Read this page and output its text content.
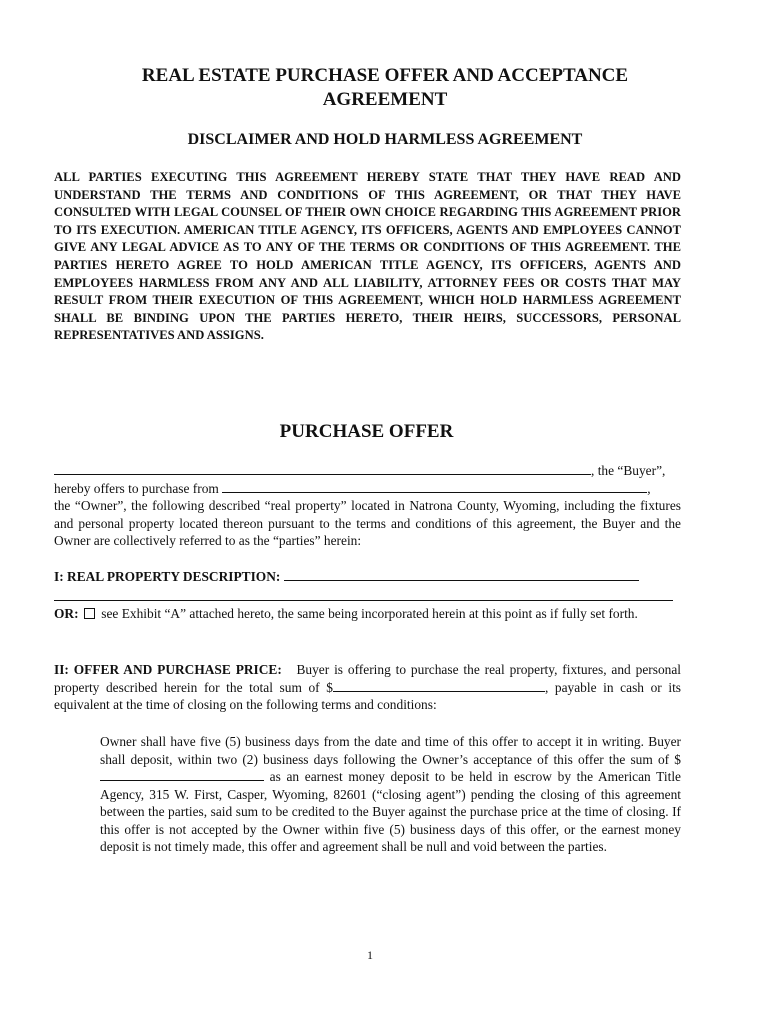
REAL ESTATE PURCHASE OFFER AND ACCEPTANCE
AGREEMENT
DISCLAIMER AND HOLD HARMLESS AGREEMENT

ALL PARTIES EXECUTING THIS AGREEMENT HEREBY STATE THAT THEY HAVE READ AND UNDERSTAND THE TERMS AND CONDITIONS OF THIS AGREEMENT, OR THAT THEY HAVE CONSULTED WITH LEGAL COUNSEL OF THEIR OWN CHOICE REGARDING THIS AGREEMENT PRIOR TO ITS EXECUTION. AMERICAN TITLE AGENCY, ITS OFFICERS, AGENTS AND EMPLOYEES CANNOT GIVE ANY LEGAL ADVICE AS TO ANY OF THE TERMS OR CONDITIONS OF THIS AGREEMENT. THE PARTIES HERETO AGREE TO HOLD AMERICAN TITLE AGENCY, ITS OFFICERS, AGENTS AND EMPLOYEES HARMLESS FROM ANY AND ALL LIABILITY, ATTORNEY FEES OR COSTS THAT MAY RESULT FROM THEIR EXECUTION OF THIS AGREEMENT, WHICH HOLD HARMLESS AGREEMENT SHALL BE BINDING UPON THE PARTIES HERETO, THEIR HEIRS, SUCCESSORS, PERSONAL REPRESENTATIVES AND ASSIGNS.

PURCHASE OFFER
, the “Buyer”,
hereby offers to purchase from	,

the “Owner”, the following described “real property” located in Natrona County, Wyoming, including the fixtures and personal property located thereon pursuant to the terms and conditions of this agreement, the Buyer and the Owner are collectively referred to as the “parties” herein:

I: REAL PROPERTY DESCRIPTION:

OR: see Exhibit “A” attached hereto, the same being incorporated herein at this point as if fully set forth.

II: OFFER AND PURCHASE PRICE: Buyer is offering to purchase the real property, fixtures, and personal property described herein for the total sum of $	, payable in cash or its equivalent at the time of closing on the following terms and conditions:

Owner shall have five (5) business days from the date and time of this offer to accept it in writing. Buyer shall deposit, within two (2) business days following the Owner’s acceptance of this offer the sum of $ as an earnest money deposit to be held in escrow by the American Title Agency, 315 W. First, Casper, Wyoming, 82601 (“closing agent”) pending the closing of this agreement between the parties, said sum to be credited to the Buyer against the purchase price at the time of closing. If this offer is not accepted by the Owner within five (5) business days of this offer, or the earnest money deposit is not timely made, this offer and agreement shall be null and void between the parties.

1
